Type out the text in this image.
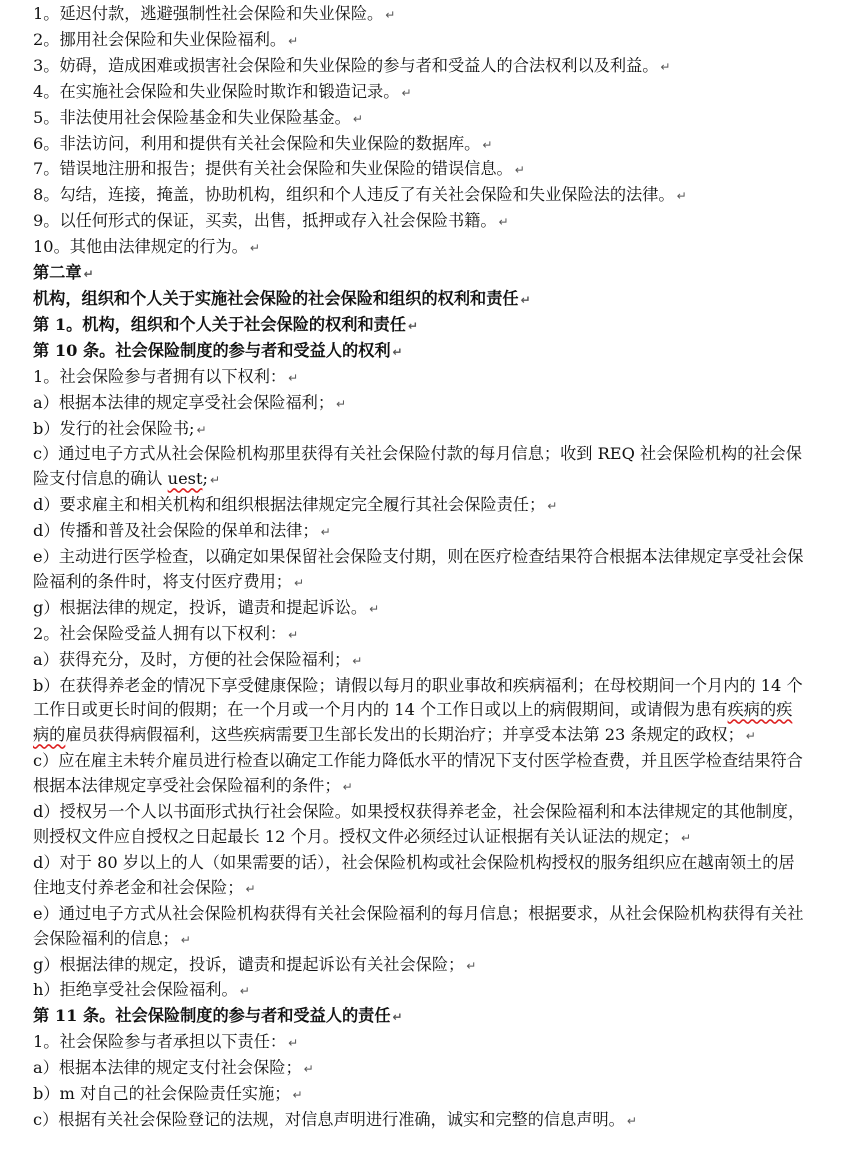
1。延迟付款，逃避强制性社会保险和失业保险。 ↵

2。挪用社会保险和失业保险福利。 ↵

3。妨碍，造成困难或损害社会保险和失业保险的参与者和受益人的合法权利以及利益。 ↵

4。在实施社会保险和失业保险时欺诈和锻造记录。 ↵

5。非法使用社会保险基金和失业保险基金。 ↵

6。非法访问，利用和提供有关社会保险和失业保险的数据库。 ↵

7。错误地注册和报告；提供有关社会保险和失业保险的错误信息。 ↵

8。勾结，连接，掩盖，协助机构，组织和个人违反了有关社会保险和失业保险法的法律。 ↵

9。以任何形式的保证，买卖，出售，抵押或存入社会保险书籍。 ↵

10。其他由法律规定的行为。 ↵

第二章 ↵

机构，组织和个人关于实施社会保险的社会保险和组织的权利和责任 ↵

第 1。机构，组织和个人关于社会保险的权利和责任 ↵

第 10 条。社会保险制度的参与者和受益人的权利 ↵

1。社会保险参与者拥有以下权利： ↵

a）根据本法律的规定享受社会保险福利； ↵

b）发行的社会保险书; ↵

c）通过电子方式从社会保险机构那里获得有关社会保险付款的每月信息；收到 REQ 社会保险机构的社会保险支付信息的确认 uest; ↵

d）要求雇主和相关机构和组织根据法律规定完全履行其社会保险责任； ↵

d）传播和普及社会保险的保单和法律； ↵

e）主动进行医学检查，以确定如果保留社会保险支付期，则在医疗检查结果符合根据本法律规定享受社会保险福利的条件时，将支付医疗费用； ↵

g）根据法律的规定，投诉，谴责和提起诉讼。 ↵

2。社会保险受益人拥有以下权利： ↵

a）获得充分，及时，方便的社会保险福利； ↵

b）在获得养老金的情况下享受健康保险；请假以每月的职业事故和疾病福利；在母校期间一个月内的 14 个工作日或更长时间的假期；在一个月或一个月内的 14 个工作日或以上的病假期间，或请假为患有疾病的疾病的雇员获得病假福利，这些疾病需要卫生部长发出的长期治疗；并享受本法第 23 条规定的政权； ↵

c）应在雇主未转介雇员进行检查以确定工作能力降低水平的情况下支付医学检查费，并且医学检查结果符合根据本法律规定享受社会保险福利的条件； ↵

d）授权另一个人以书面形式执行社会保险。如果授权获得养老金，社会保险福利和本法律规定的其他制度，则授权文件应自授权之日起最长 12 个月。授权文件必须经过认证根据有关认证法的规定； ↵

d）对于 80 岁以上的人（如果需要的话），社会保险机构或社会保险机构授权的服务组织应在越南领土的居住地支付养老金和社会保险； ↵

e）通过电子方式从社会保险机构获得有关社会保险福利的每月信息；根据要求，从社会保险机构获得有关社会保险福利的信息； ↵

g）根据法律的规定，投诉，谴责和提起诉讼有关社会保险； ↵

h）拒绝享受社会保险福利。 ↵

第 11 条。社会保险制度的参与者和受益人的责任 ↵

1。社会保险参与者承担以下责任： ↵

a）根据本法律的规定支付社会保险； ↵

b）m 对自己的社会保险责任实施； ↵

c）根据有关社会保险登记的法规，对信息声明进行准确，诚实和完整的信息声明。 ↵
